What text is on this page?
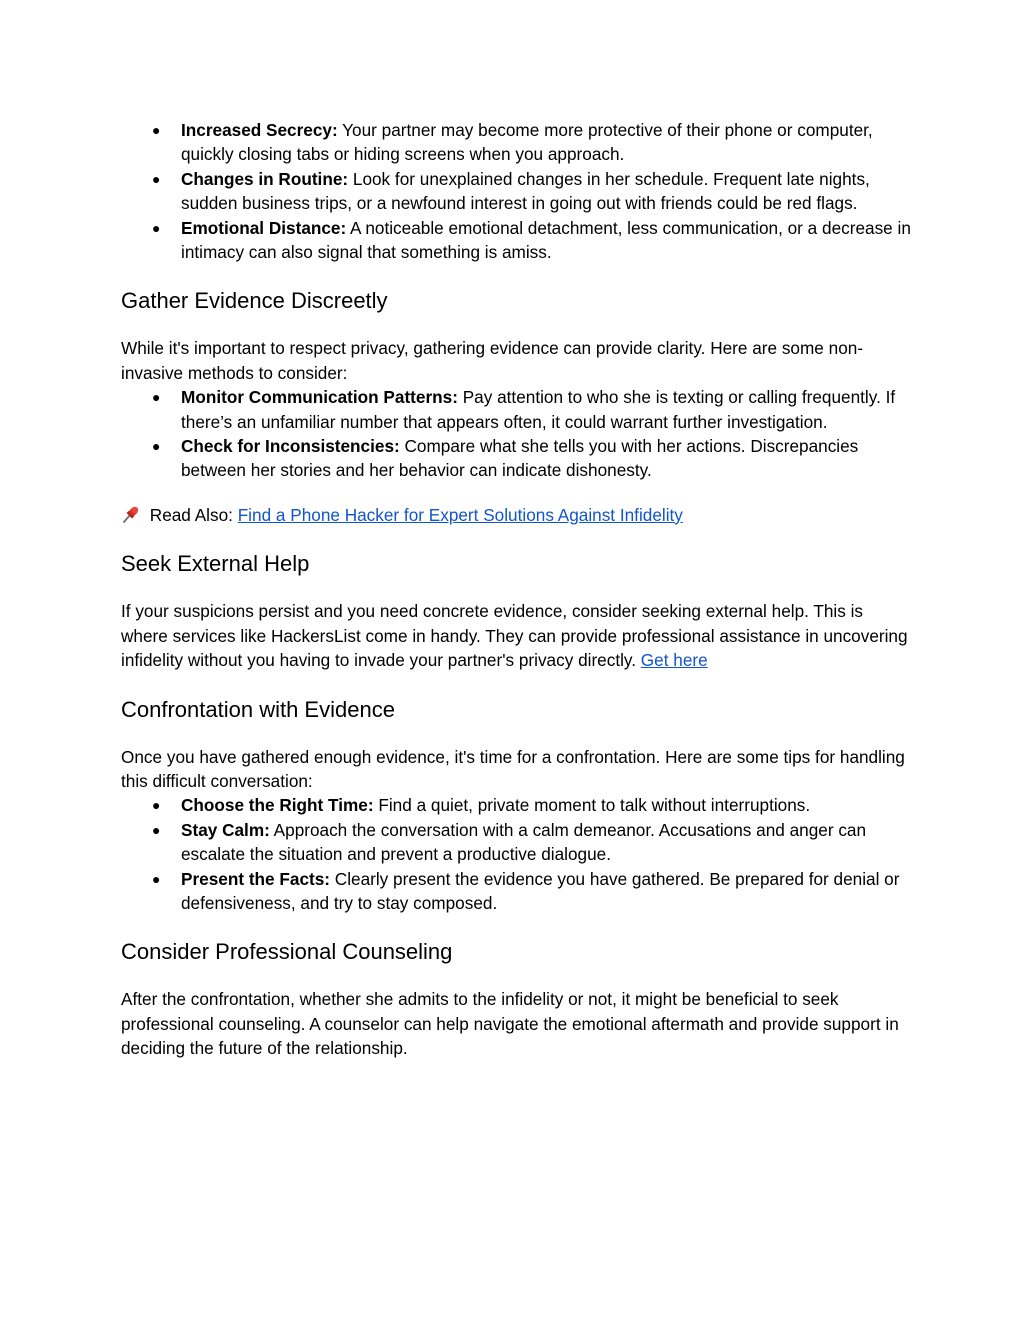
● Increased Secrecy: Your partner may become more protective of their phone or computer, quickly closing tabs or hiding screens when you approach.
● Changes in Routine: Look for unexplained changes in her schedule. Frequent late nights, sudden business trips, or a newfound interest in going out with friends could be red flags.
● Emotional Distance: A noticeable emotional detachment, less communication, or a decrease in intimacy can also signal that something is amiss.
Gather Evidence Discreetly

While it's important to respect privacy, gathering evidence can provide clarity. Here are some non-invasive methods to consider:

● Monitor Communication Patterns: Pay attention to who she is texting or calling frequently. If there’s an unfamiliar number that appears often, it could warrant further investigation.
● Check for Inconsistencies: Compare what she tells you with her actions. Discrepancies between her stories and her behavior can indicate dishonesty.

Read Also: Find a Phone Hacker for Expert Solutions Against Infidelity

Seek External Help

If your suspicions persist and you need concrete evidence, consider seeking external help. This is where services like HackersList come in handy. They can provide professional assistance in uncovering infidelity without you having to invade your partner's privacy directly. Get here

Confrontation with Evidence

Once you have gathered enough evidence, it's time for a confrontation. Here are some tips for handling this difficult conversation:

● Choose the Right Time: Find a quiet, private moment to talk without interruptions.
● Stay Calm: Approach the conversation with a calm demeanor. Accusations and anger can escalate the situation and prevent a productive dialogue.
● Present the Facts: Clearly present the evidence you have gathered. Be prepared for denial or defensiveness, and try to stay composed.
Consider Professional Counseling

After the confrontation, whether she admits to the infidelity or not, it might be beneficial to seek professional counseling. A counselor can help navigate the emotional aftermath and provide support in deciding the future of the relationship.
